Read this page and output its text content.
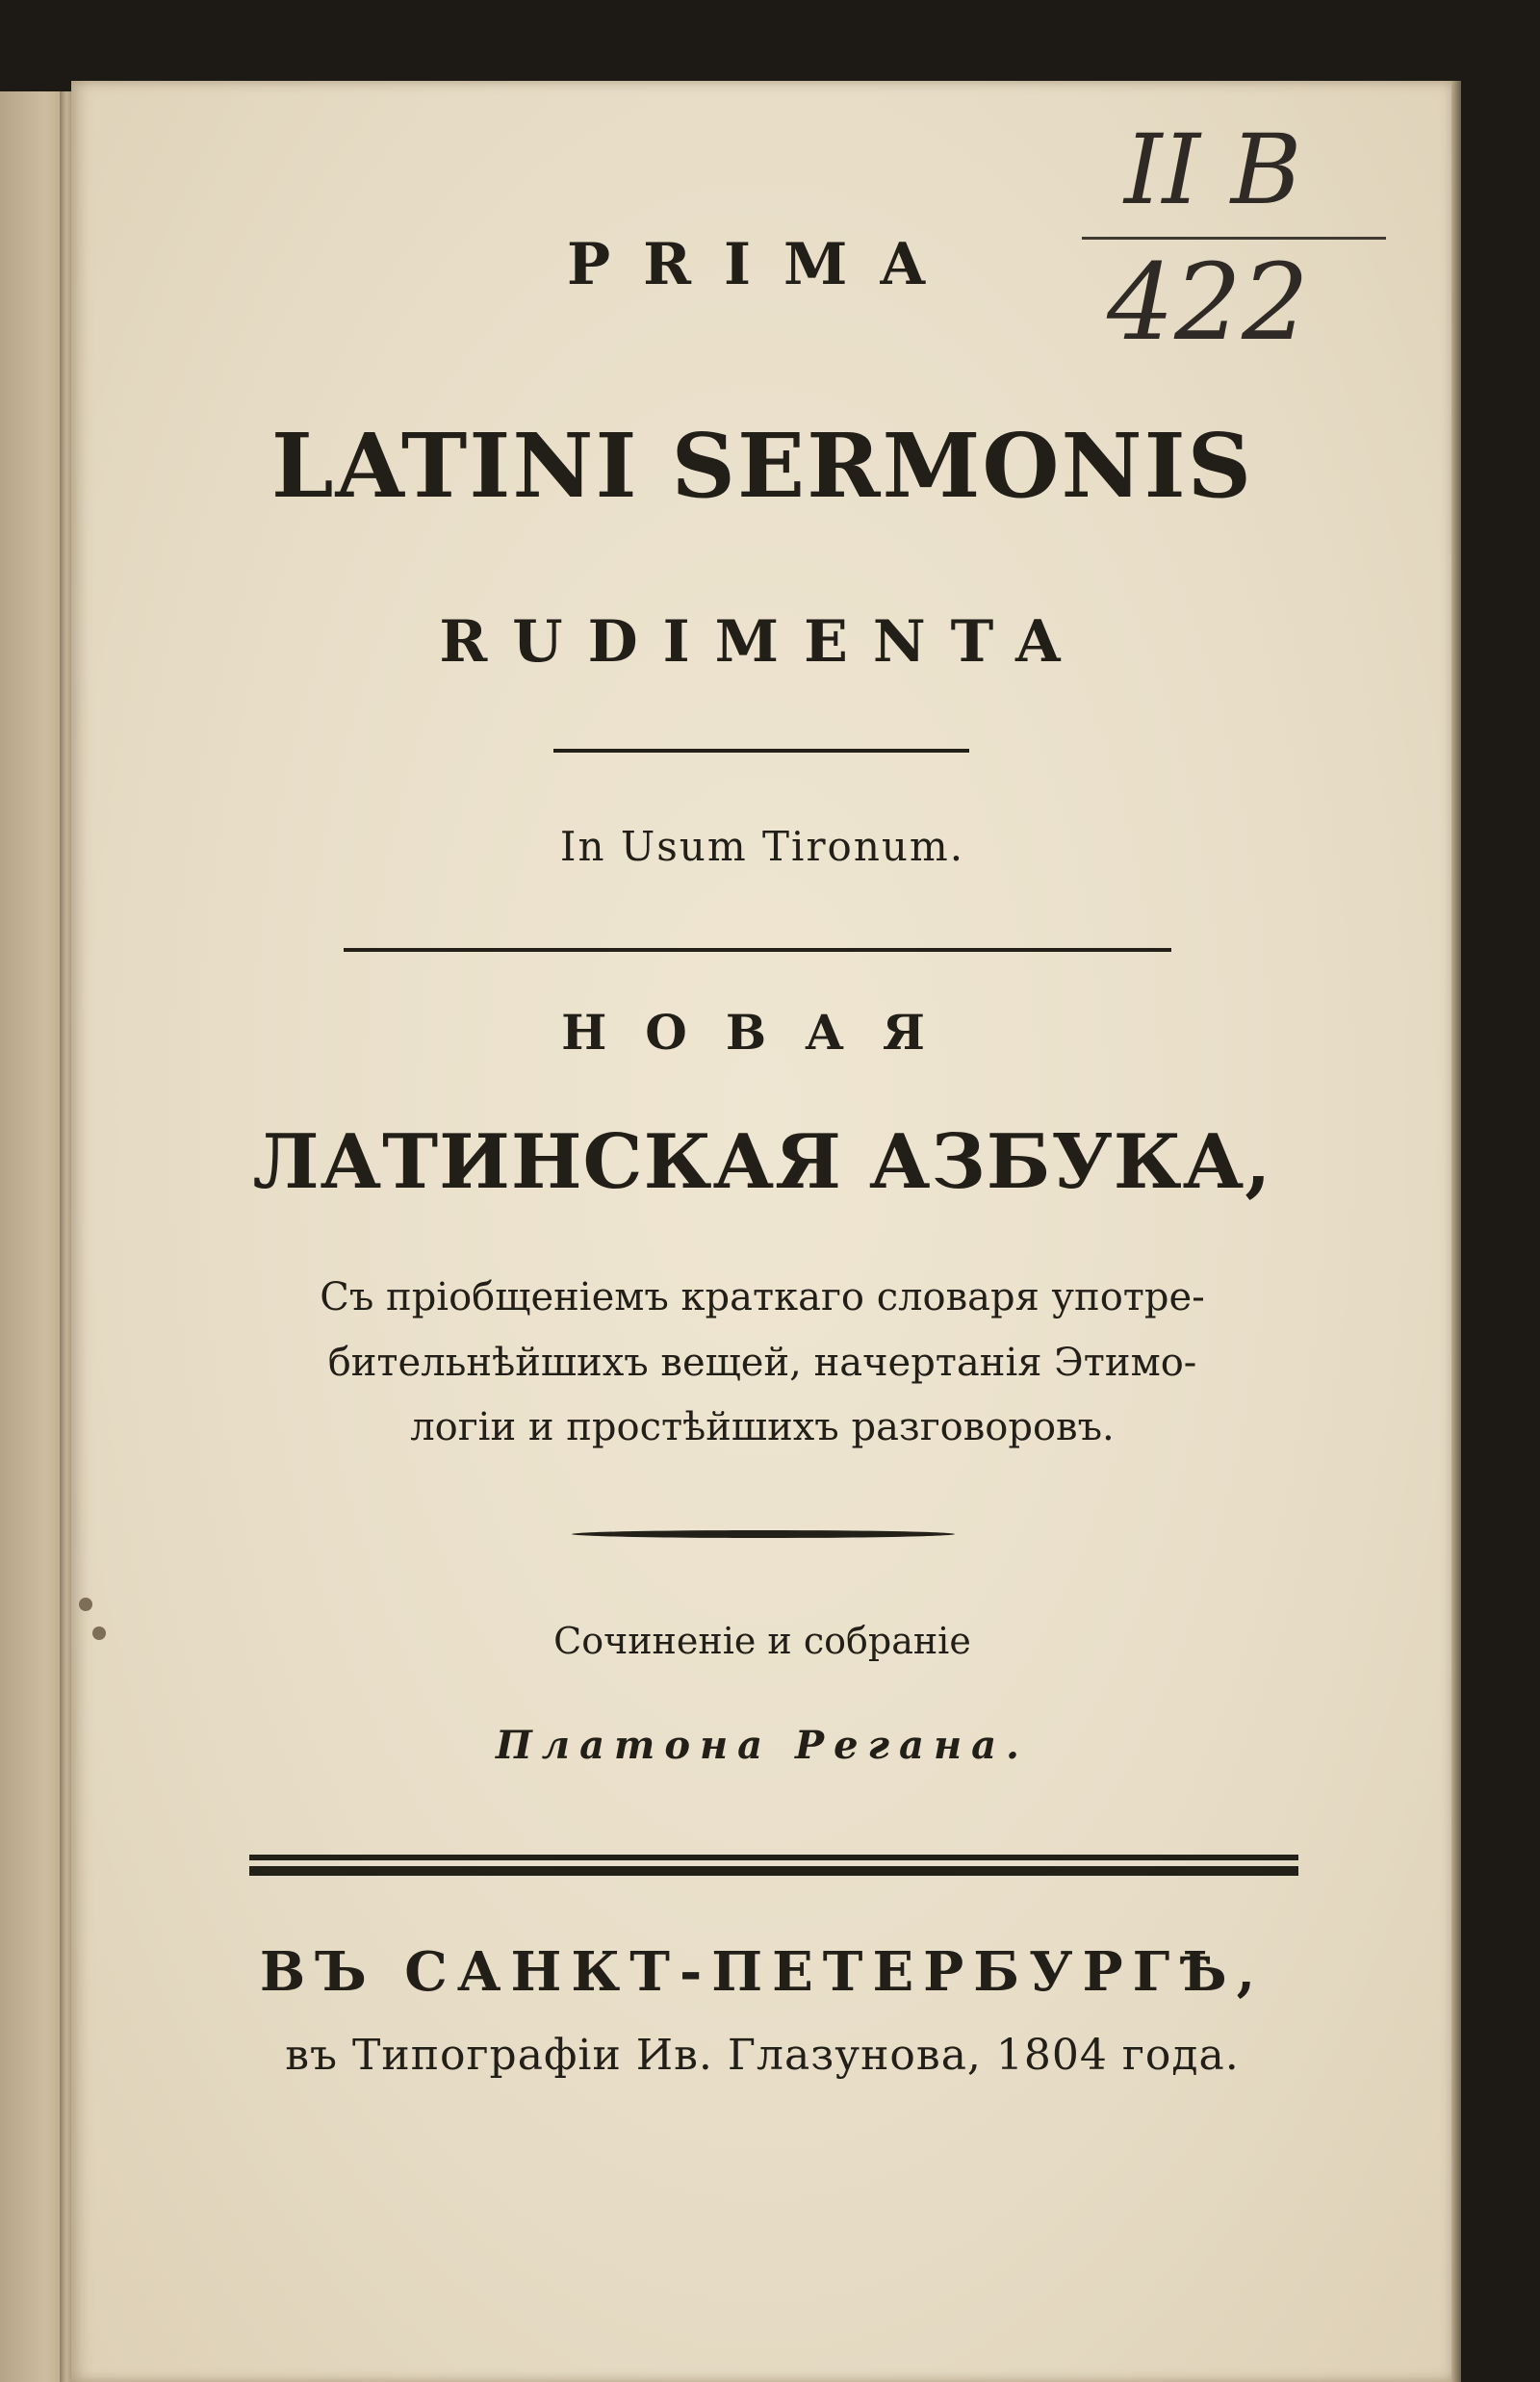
II B
422
PRIMA
LATINI SERMONIS
RUDIMENTA
In Usum Tironum.
НОВАЯ
ЛАТИНСКАЯ АЗБУКА,
Съ пріобщеніемъ краткаго словаря употре-
бительнѣйшихъ вещей, начертанія Этимо-
логіи и простѣйшихъ разговоровъ.
Сочиненіе и собраніе
Платона Регана.
ВЪ САНКТ-ПЕТЕРБУРГѢ,
въ Типографіи Ив. Глазунова, 1804 года.
